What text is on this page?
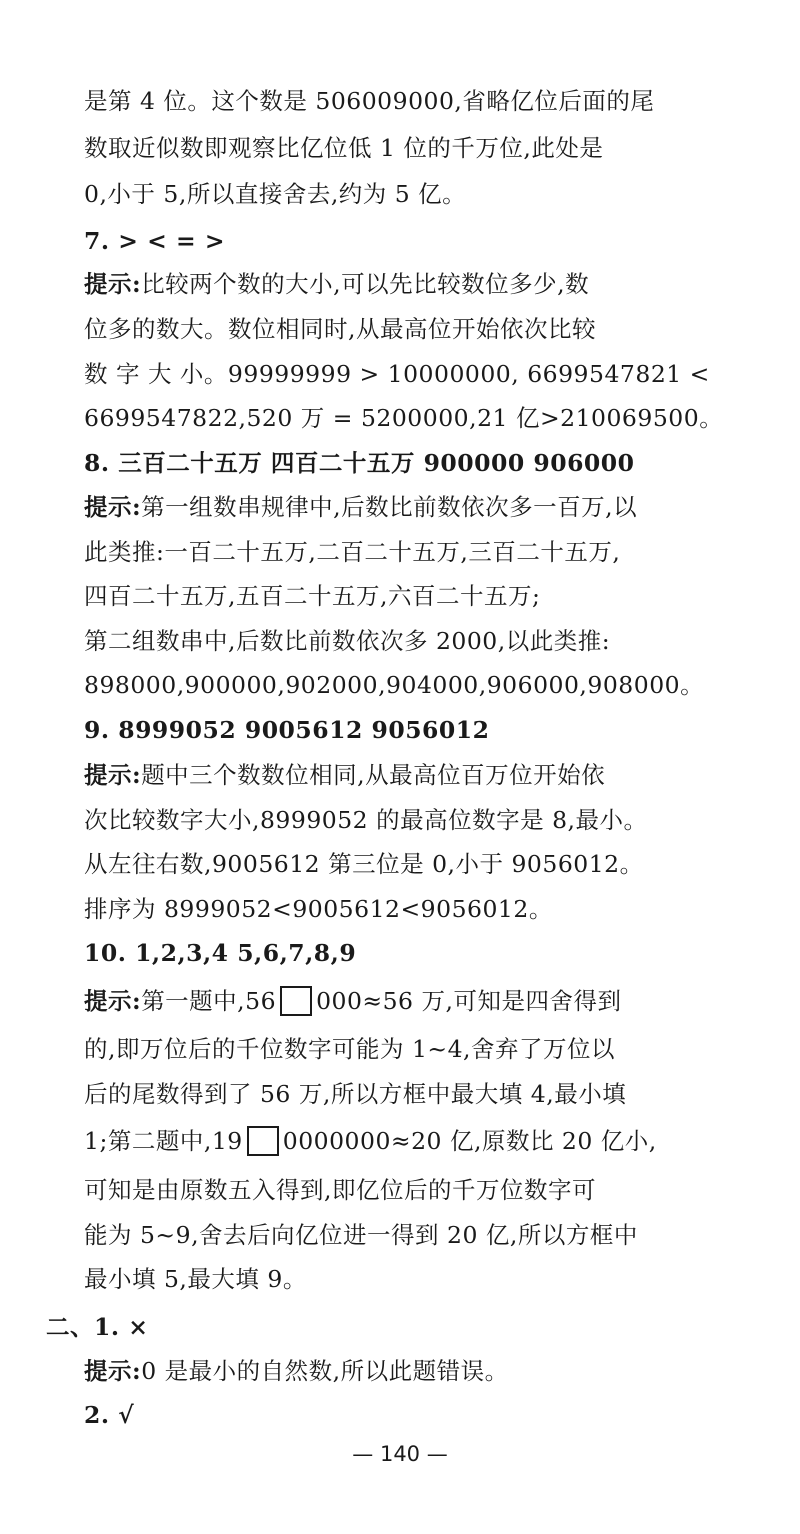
是第 4 位。这个数是 506009000,省略亿位后面的尾
数取近似数即观察比亿位低 1 位的千万位,此处是
0,小于 5,所以直接舍去,约为 5 亿。
7. > < = >
提示:比较两个数的大小,可以先比较数位多少,数
位多的数大。数位相同时,从最高位开始依次比较
数 字 大 小。99999999 > 10000000, 6699547821 <
6699547822,520 万 = 5200000,21 亿>210069500。
8. 三百二十五万 四百二十五万 900000 906000
提示:第一组数串规律中,后数比前数依次多一百万,以
此类推:一百二十五万,二百二十五万,三百二十五万,
四百二十五万,五百二十五万,六百二十五万;
第二组数串中,后数比前数依次多 2000,以此类推:
898000,900000,902000,904000,906000,908000。
9. 8999052 9005612 9056012
提示:题中三个数数位相同,从最高位百万位开始依
次比较数字大小,8999052 的最高位数字是 8,最小。
从左往右数,9005612 第三位是 0,小于 9056012。
排序为 8999052<9005612<9056012。
10. 1,2,3,4 5,6,7,8,9
提示:第一题中,56 000≈56 万,可知是四舍得到
的,即万位后的千位数字可能为 1~4,舍弃了万位以
后的尾数得到了 56 万,所以方框中最大填 4,最小填
1;第二题中,19 0000000≈20 亿,原数比 20 亿小,
可知是由原数五入得到,即亿位后的千万位数字可
能为 5~9,舍去后向亿位进一得到 20 亿,所以方框中
最小填 5,最大填 9。
二、1. ×
提示:0 是最小的自然数,所以此题错误。
2. √
— 140 —
